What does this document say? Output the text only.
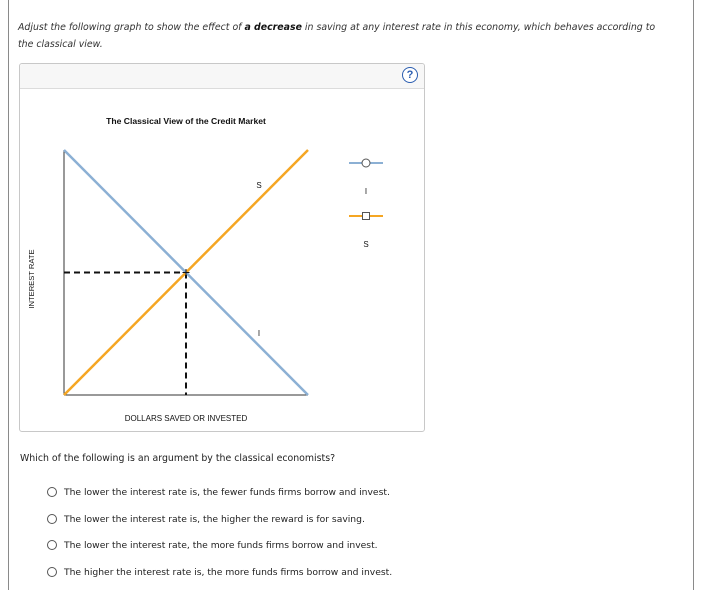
Adjust the following graph to show the effect of a decrease in saving at any interest rate in this economy, which behaves according to the classical view.
?
The Classical View of the Credit Market
INTEREST RATE
DOLLARS SAVED OR INVESTED
S
I
I
S
Which of the following is an argument by the classical economists?
The lower the interest rate is, the fewer funds firms borrow and invest.
The lower the interest rate is, the higher the reward is for saving.
The lower the interest rate, the more funds firms borrow and invest.
The higher the interest rate is, the more funds firms borrow and invest.
